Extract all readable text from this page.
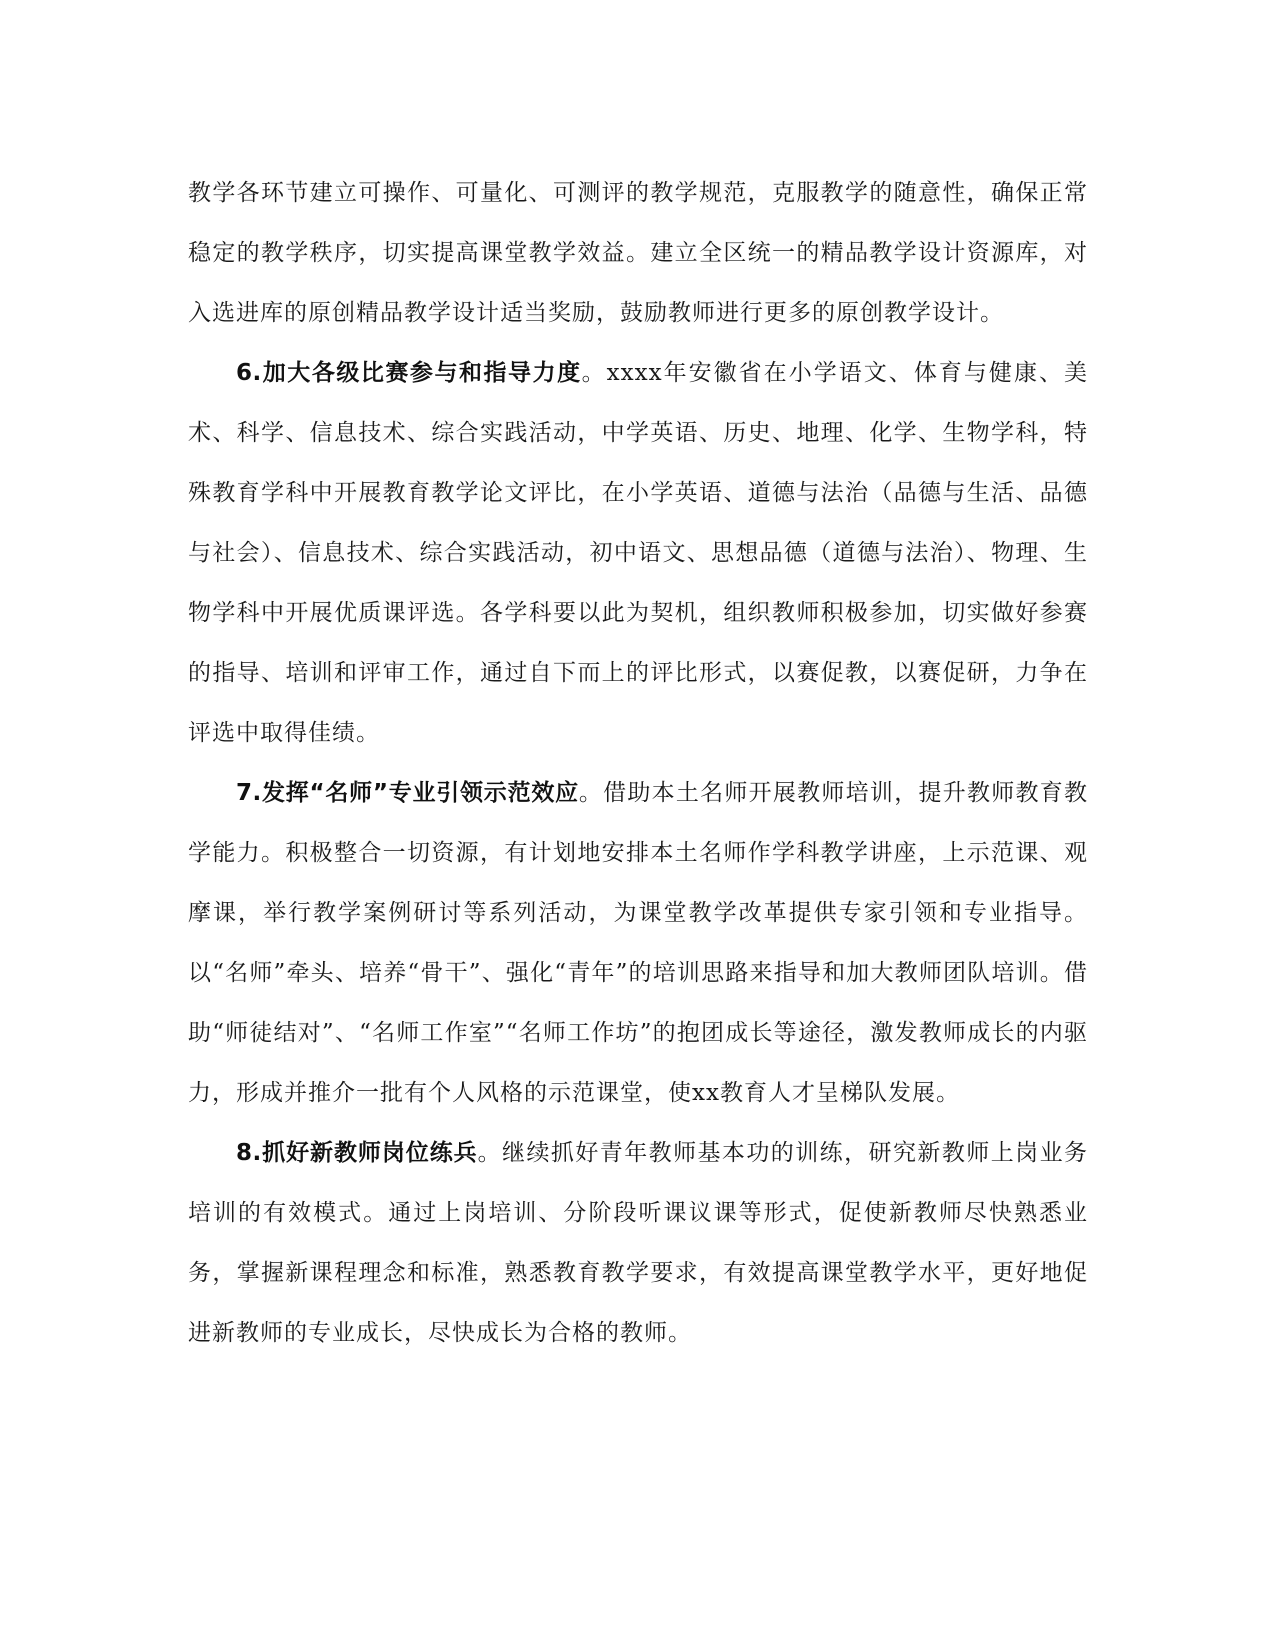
教学各环节建立可操作、可量化、可测评的教学规范，克服教学的随意性，确保正常稳定的教学秩序，切实提高课堂教学效益。建立全区统一的精品教学设计资源库，对入选进库的原创精品教学设计适当奖励，鼓励教师进行更多的原创教学设计。

6.加大各级比赛参与和指导力度。xxxx年安徽省在小学语文、体育与健康、美术、科学、信息技术、综合实践活动，中学英语、历史、地理、化学、生物学科，特殊教育学科中开展教育教学论文评比，在小学英语、道德与法治（品德与生活、品德与社会）、信息技术、综合实践活动，初中语文、思想品德（道德与法治）、物理、生物学科中开展优质课评选。各学科要以此为契机，组织教师积极参加，切实做好参赛的指导、培训和评审工作，通过自下而上的评比形式，以赛促教，以赛促研，力争在评选中取得佳绩。

7.发挥“名师”专业引领示范效应。借助本土名师开展教师培训，提升教师教育教学能力。积极整合一切资源，有计划地安排本土名师作学科教学讲座，上示范课、观摩课，举行教学案例研讨等系列活动，为课堂教学改革提供专家引领和专业指导。以“名师”牵头、培养“骨干”、强化“青年”的培训思路来指导和加大教师团队培训。借助“师徒结对”、“名师工作室”“名师工作坊”的抱团成长等途径，激发教师成长的内驱力，形成并推介一批有个人风格的示范课堂，使xx教育人才呈梯队发展。

8.抓好新教师岗位练兵。继续抓好青年教师基本功的训练，研究新教师上岗业务培训的有效模式。通过上岗培训、分阶段听课议课等形式，促使新教师尽快熟悉业务，掌握新课程理念和标准，熟悉教育教学要求，有效提高课堂教学水平，更好地促进新教师的专业成长，尽快成长为合格的教师。
